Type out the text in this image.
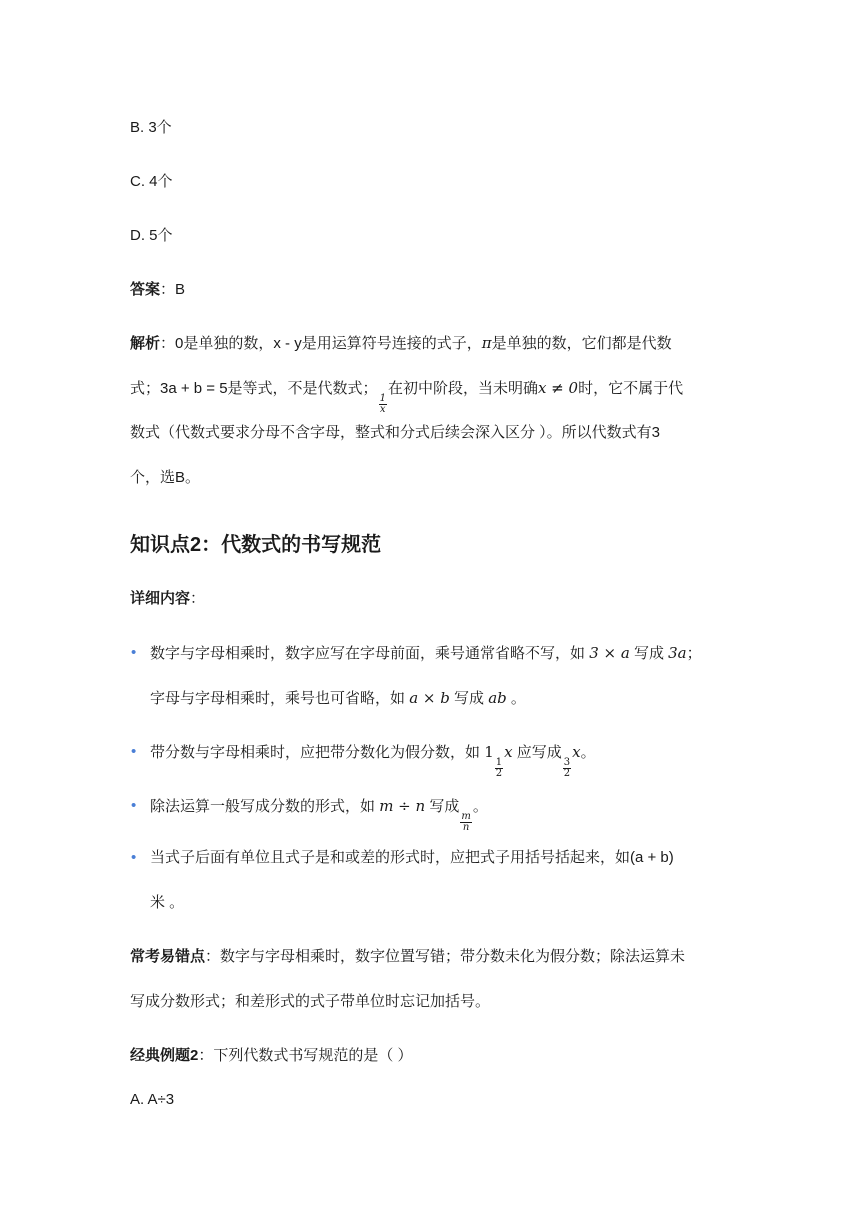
B. 3个
C. 4个
D. 5个
答案：B
解析：0是单独的数，x - y是用运算符号连接的式子，π是单独的数，它们都是代数
式；3a + b = 5是等式，不是代数式；
$\frac{1}{x}$
在初中阶段，当未明确x ≠ 0时，它不属于代
数式（代数式要求分母不含字母，整式和分式后续会深入区分 ）。所以代数式有3
个，选B。
知识点2：代数式的书写规范
详细内容：
• 数字与字母相乘时，数字应写在字母前面，乘号通常省略不写，如 3 × a 写成 3a；
字母与字母相乘时，乘号也可省略，如 a × b 写成 ab 。
• 带分数与字母相乘时，应把带分数化为假分数，如 1
$\frac{1}{2}$
x 应写成
$\frac{3}{2}$
x。
• 除法运算一般写成分数的形式，如 m ÷ n 写成
$\frac{m}{n}$
。
• 当式子后面有单位且式子是和或差的形式时，应把式子用括号括起来，如(a + b)
米 。
常考易错点：数字与字母相乘时，数字位置写错；带分数未化为假分数；除法运算未
写成分数形式；和差形式的式子带单位时忘记加括号。
经典例题2：下列代数式书写规范的是（ ）
A. A÷3
